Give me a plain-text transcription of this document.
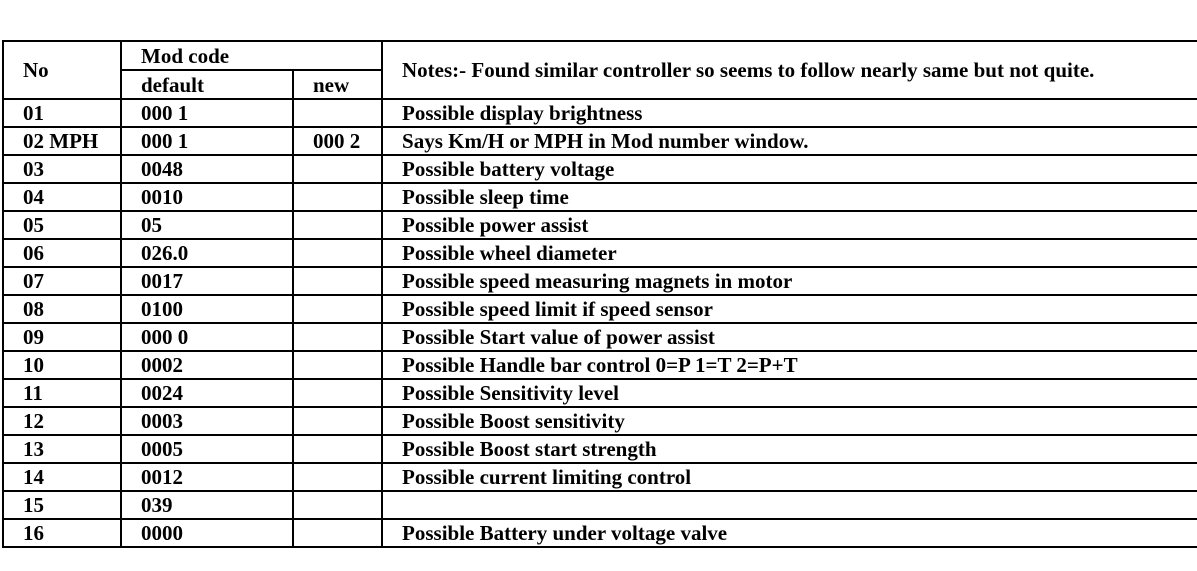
No	Mod code		Notes:- Found similar controller so seems to follow nearly same but not quite.
	default	new	
01	000 1		Possible display brightness
02 MPH	000 1	000 2	Says Km/H or MPH in Mod number window.
03	0048		Possible battery voltage
04	0010		Possible sleep time
05	05		Possible power assist
06	026.0		Possible wheel diameter
07	0017		Possible speed measuring magnets in motor
08	0100		Possible speed limit if speed sensor
09	000 0		Possible Start value of power assist
10	0002		Possible Handle bar control 0=P 1=T 2=P+T
11	0024		Possible Sensitivity level
12	0003		Possible Boost sensitivity
13	0005		Possible Boost start strength
14	0012		Possible current limiting control
15	039		
16	0000		Possible Battery under voltage valve
